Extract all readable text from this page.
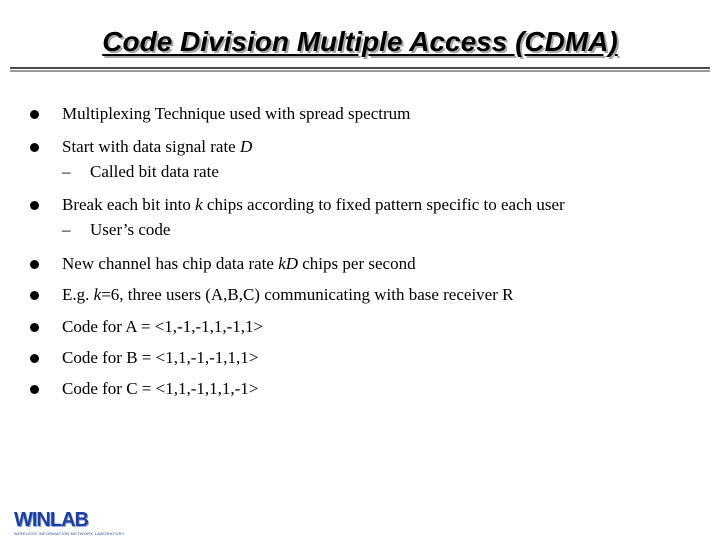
Code Division Multiple Access (CDMA)
Multiplexing Technique used with spread spectrum
Start with data signal rate D
– Called bit data rate
Break each bit into k chips according to fixed pattern specific to each user
– User’s code
New channel has chip data rate kD chips per second
E.g. k=6, three users (A,B,C) communicating with base receiver R
Code for A = <1,-1,-1,1,-1,1>
Code for B = <1,1,-1,-1,1,1>
Code for C = <1,1,-1,1,1,-1>
WINLAB
WIRELESS INFORMATION NETWORK LABORATORY
